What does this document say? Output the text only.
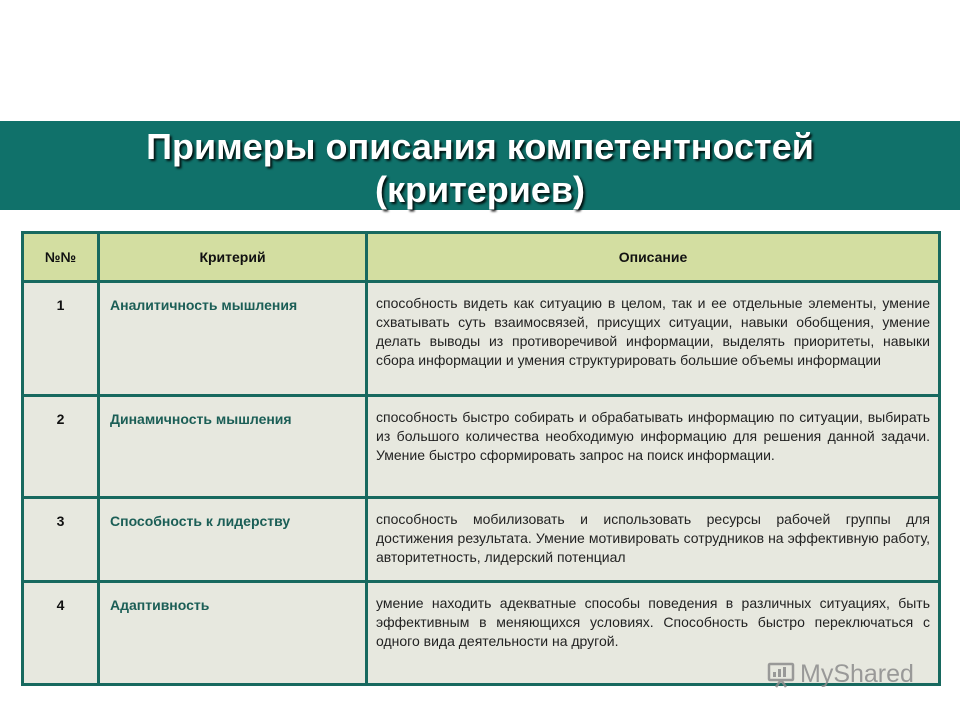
Примеры описания компетентностей
(критериев)
№№	Критерий	Описание
1	Аналитичность мышления	способность видеть как ситуацию в целом, так и ее отдельные элементы, умение схватывать суть взаимосвязей, присущих ситуации, навыки обобщения, умение делать выводы из противоречивой информации, выделять приоритеты, навыки сбора информации и умения структурировать большие объемы информации
2	Динамичность мышления	способность быстро собирать и обрабатывать информацию по ситуации, выбирать из большого количества необходимую информацию для решения данной задачи. Умение быстро сформировать запрос на поиск информации.
3	Способность к лидерству	способность мобилизовать и использовать ресурсы рабочей группы для достижения результата. Умение мотивировать сотрудников на эффективную работу, авторитетность, лидерский потенциал
4	Адаптивность	умение находить адекватные способы поведения в различных ситуациях, быть эффективным в меняющихся условиях. Способность быстро переключаться с одного вида деятельности на другой.
MyShared
